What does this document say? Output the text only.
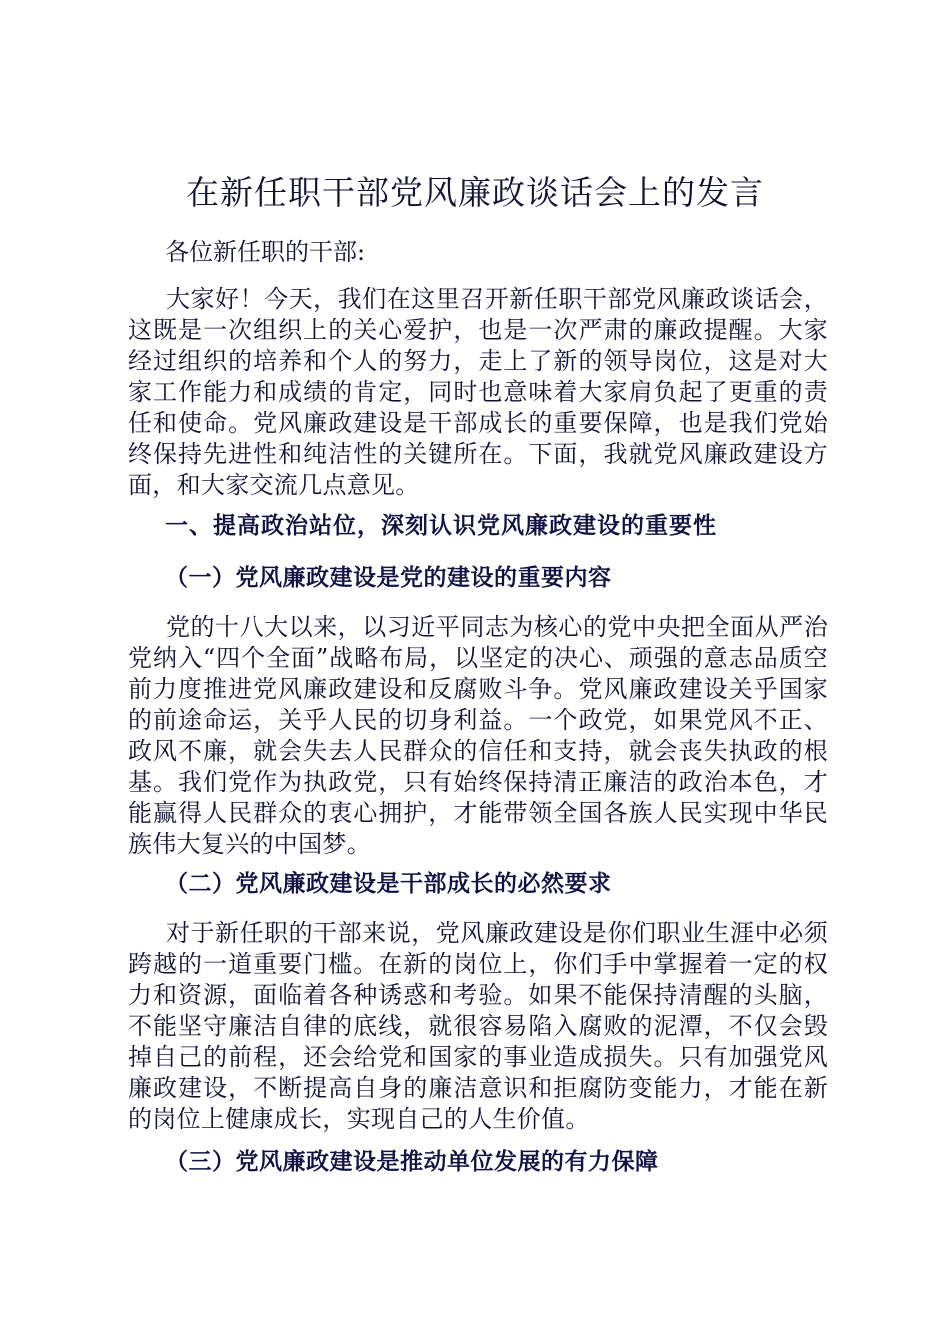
在新任职干部党风廉政谈话会上的发言
各位新任职的干部:

大家好！今天，我们在这里召开新任职干部党风廉政谈话会，这既是一次组织上的关心爱护，也是一次严肃的廉政提醒。大家经过组织的培养和个人的努力，走上了新的领导岗位，这是对大家工作能力和成绩的肯定，同时也意味着大家肩负起了更重的责任和使命。党风廉政建设是干部成长的重要保障，也是我们党始终保持先进性和纯洁性的关键所在。下面，我就党风廉政建设方面，和大家交流几点意见。

一、提高政治站位，深刻认识党风廉政建设的重要性
（一）党风廉政建设是党的建设的重要内容

党的十八大以来，以习近平同志为核心的党中央把全面从严治党纳入“四个全面”战略布局，以坚定的决心、顽强的意志品质空前力度推进党风廉政建设和反腐败斗争。党风廉政建设关乎国家的前途命运，关乎人民的切身利益。一个政党，如果党风不正、政风不廉，就会失去人民群众的信任和支持，就会丧失执政的根基。我们党作为执政党，只有始终保持清正廉洁的政治本色，才能赢得人民群众的衷心拥护，才能带领全国各族人民实现中华民族伟大复兴的中国梦。

（二）党风廉政建设是干部成长的必然要求

对于新任职的干部来说，党风廉政建设是你们职业生涯中必须跨越的一道重要门槛。在新的岗位上，你们手中掌握着一定的权力和资源，面临着各种诱惑和考验。如果不能保持清醒的头脑，不能坚守廉洁自律的底线，就很容易陷入腐败的泥潭，不仅会毁掉自己的前程，还会给党和国家的事业造成损失。只有加强党风廉政建设，不断提高自身的廉洁意识和拒腐防变能力，才能在新的岗位上健康成长，实现自己的人生价值。

（三）党风廉政建设是推动单位发展的有力保障
